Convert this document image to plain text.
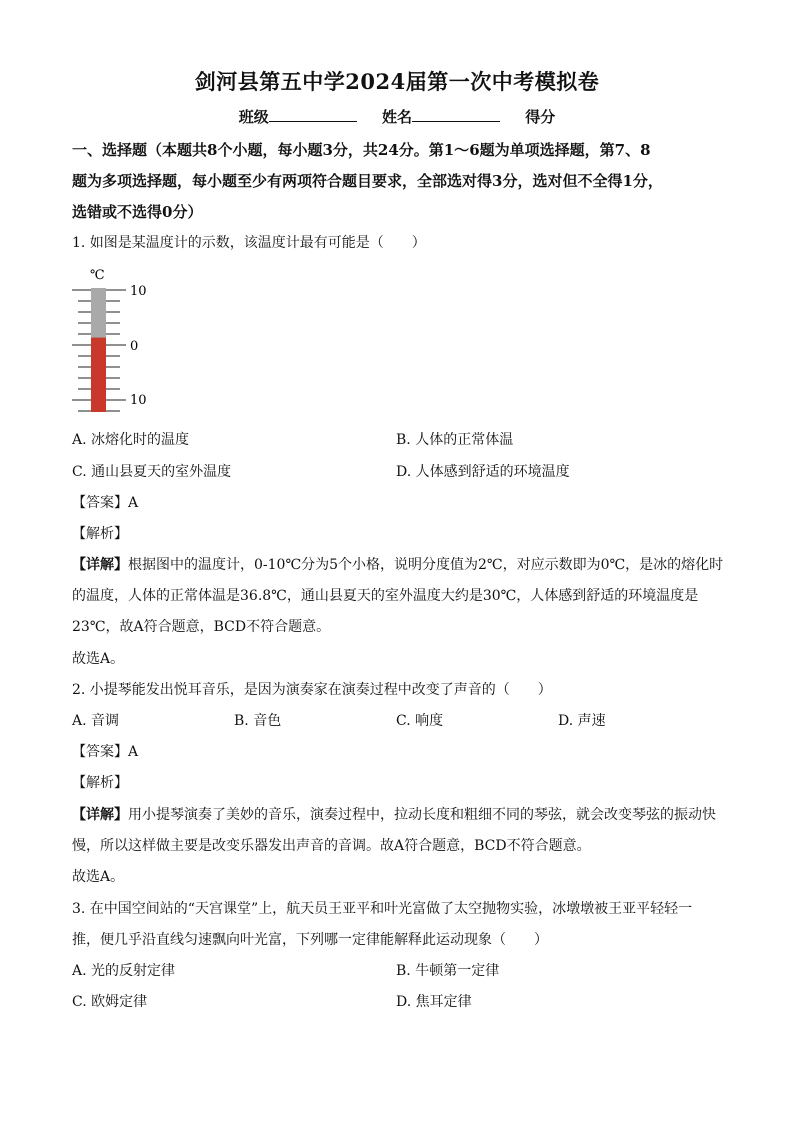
剑河县第五中学2024届第一次中考模拟卷
班级	姓名	得分
一、选择题（本题共8个小题，每小题3分，共24分。第1～6题为单项选择题，第7、8
题为多项选择题，每小题至少有两项符合题目要求，全部选对得3分，选对但不全得1分，
选错或不选得0分）
1. 如图是某温度计的示数，该温度计最有可能是（　　）
℃
10
0
10
A. 冰熔化时的温度	B. 人体的正常体温
C. 通山县夏天的室外温度	D. 人体感到舒适的环境温度
【答案】A
【解析】
【详解】根据图中的温度计，0-10℃分为5个小格，说明分度值为2℃，对应示数即为0℃，是冰的熔化时
的温度，人体的正常体温是36.8℃，通山县夏天的室外温度大约是30℃，人体感到舒适的环境温度是
23℃，故A符合题意，BCD不符合题意。
故选A。
2. 小提琴能发出悦耳音乐，是因为演奏家在演奏过程中改变了声音的（　　）
A. 音调	B. 音色	C. 响度	D. 声速
【答案】A
【解析】
【详解】用小提琴演奏了美妙的音乐，演奏过程中，拉动长度和粗细不同的琴弦，就会改变琴弦的振动快
慢，所以这样做主要是改变乐器发出声音的音调。故A符合题意，BCD不符合题意。
故选A。
3. 在中国空间站的“天宫课堂”上，航天员王亚平和叶光富做了太空抛物实验，冰墩墩被王亚平轻轻一
推，便几乎沿直线匀速飘向叶光富，下列哪一定律能解释此运动现象（　　）
A. 光的反射定律	B. 牛顿第一定律
C. 欧姆定律	D. 焦耳定律
